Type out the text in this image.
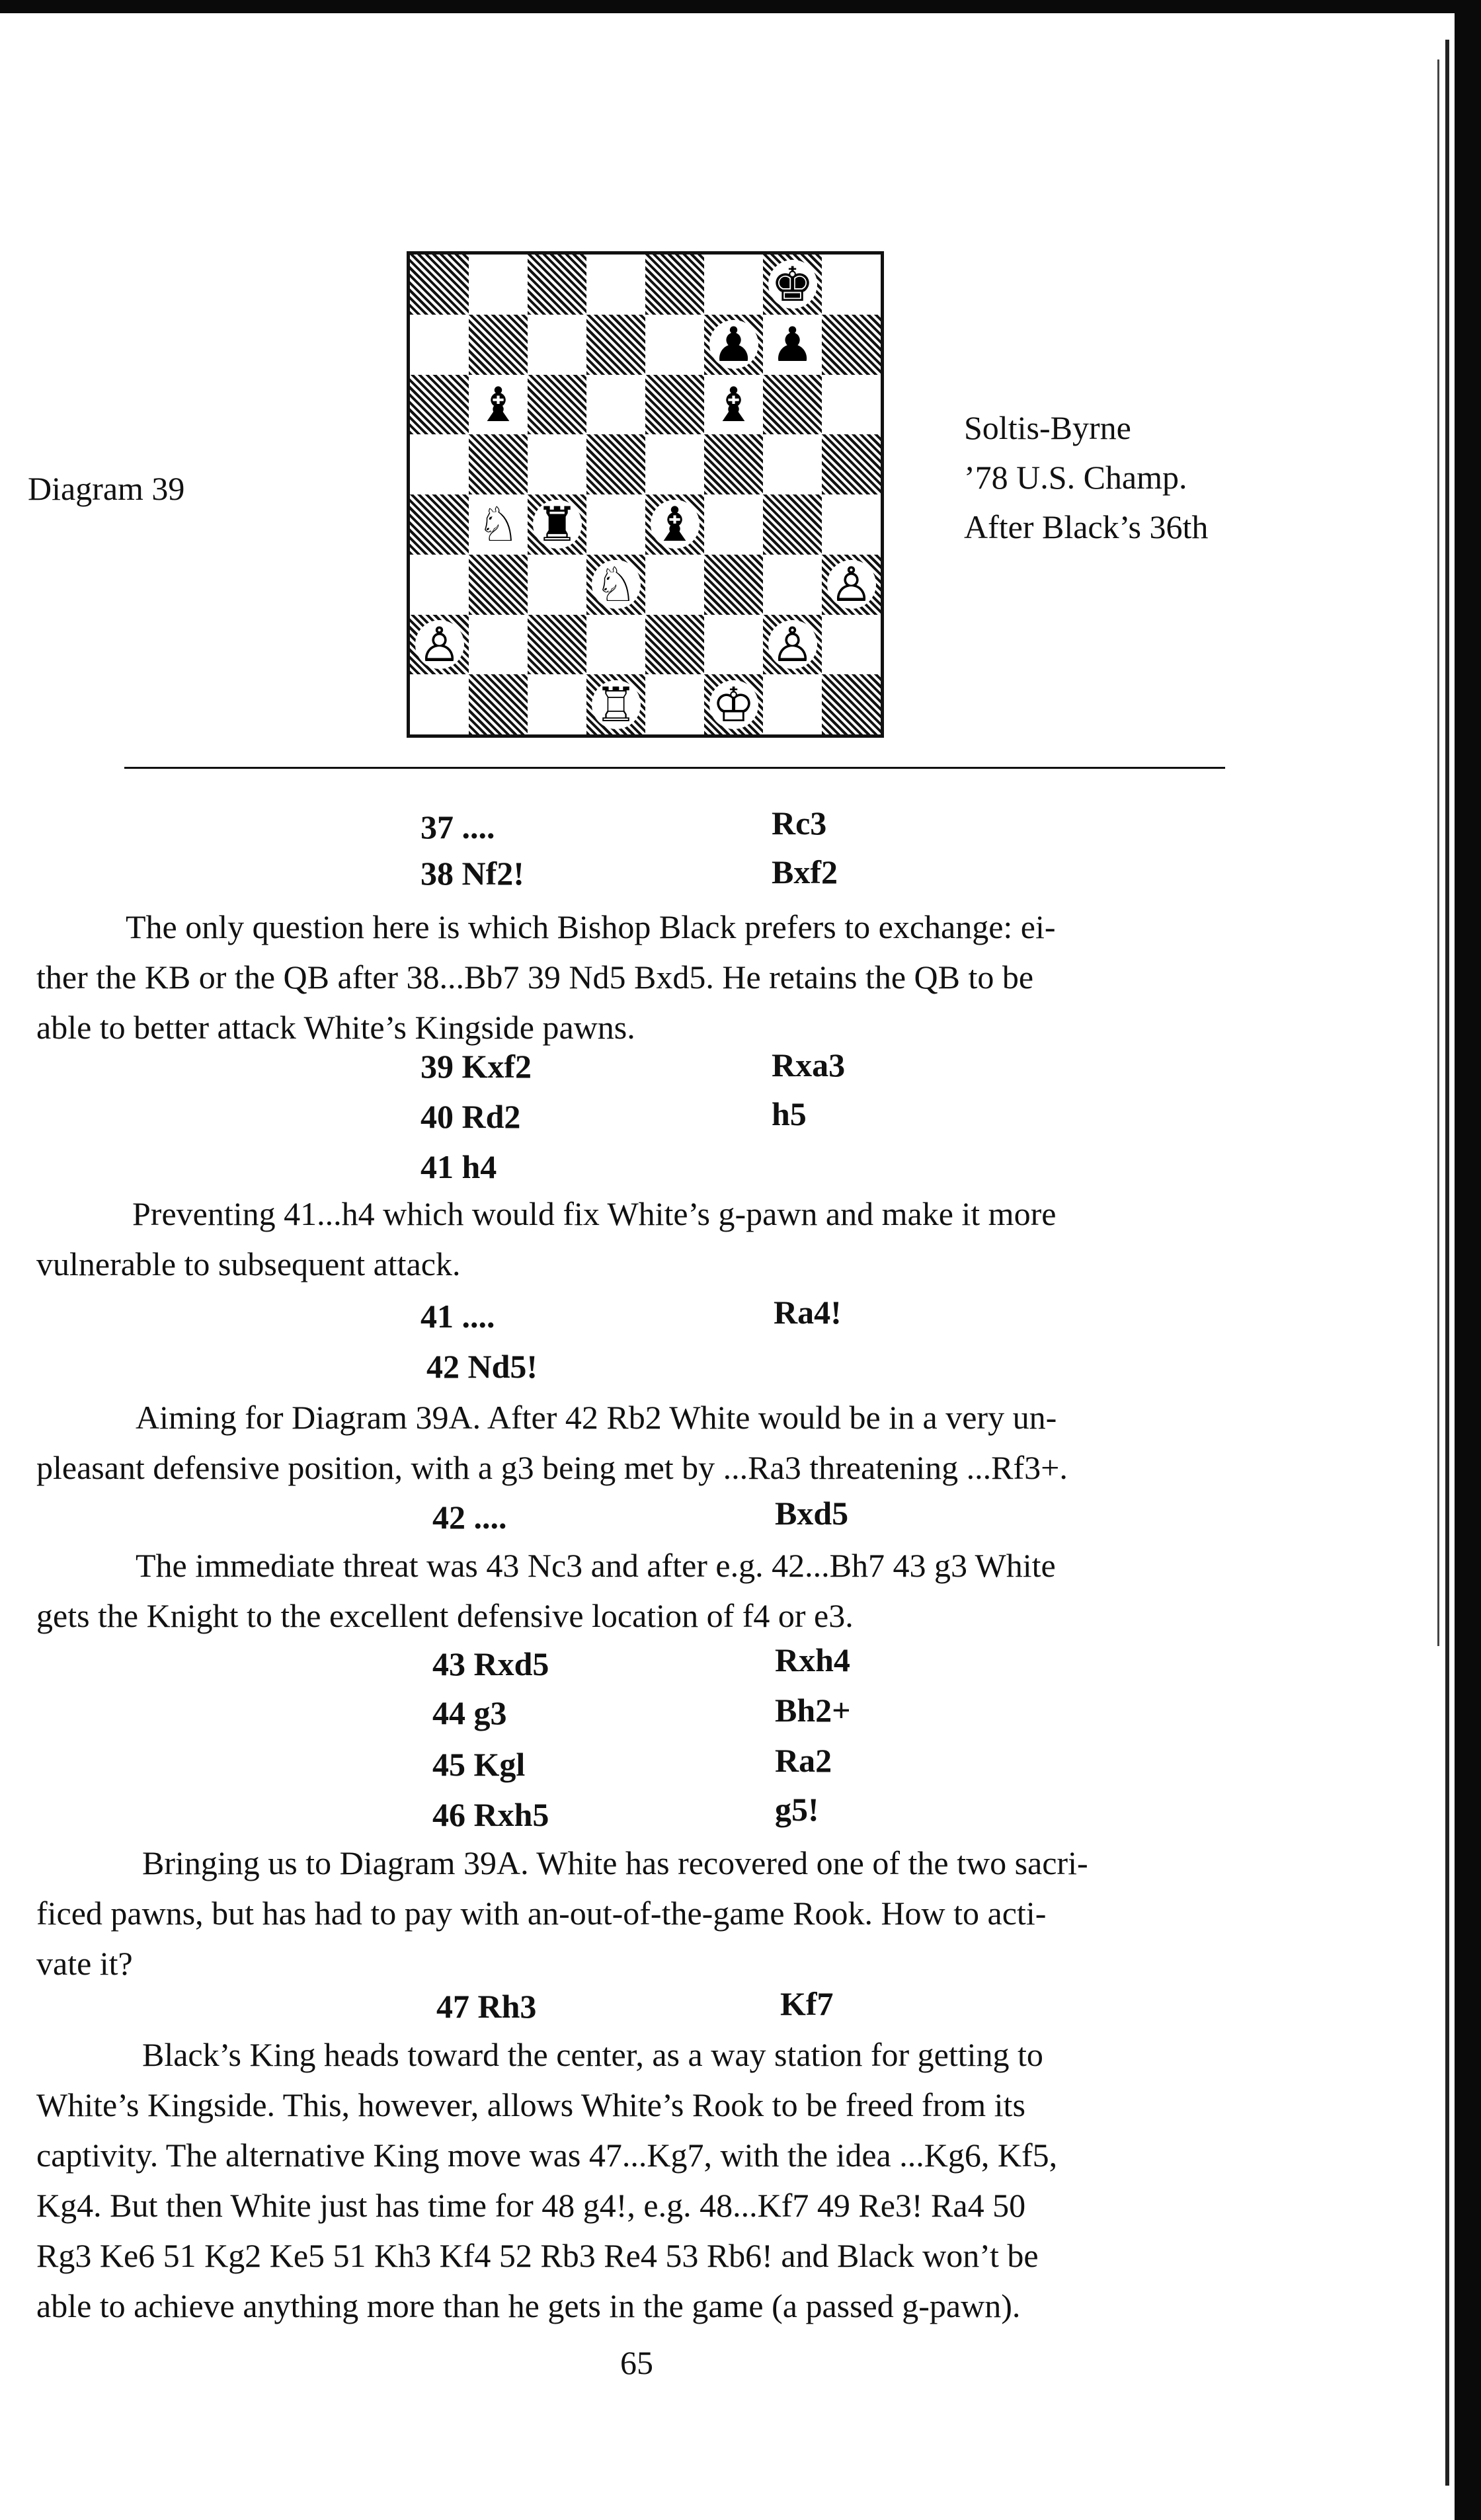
Diagram 39
♚
♟ ♟
♝	♝
♘ ♜ ♝
♘	♙
♙	♙
♖ ♔
Soltis-Byrne
’78 U.S. Champ.
After Black’s 36th
37 ....	Rc3
38 Nf2!	Bxf2
The only question here is which Bishop Black prefers to exchange: ei-
ther the KB or the QB after 38...Bb7 39 Nd5 Bxd5. He retains the QB to be
able to better attack White’s Kingside pawns.
39 Kxf2	Rxa3
40 Rd2	h5
41 h4
Preventing 41...h4 which would fix White’s g-pawn and make it more
vulnerable to subsequent attack.
41 ....	Ra4!
42 Nd5!
Aiming for Diagram 39A. After 42 Rb2 White would be in a very un-
pleasant defensive position, with a g3 being met by ...Ra3 threatening ...Rf3+.
42 ....	Bxd5
The immediate threat was 43 Nc3 and after e.g. 42...Bh7 43 g3 White
gets the Knight to the excellent defensive location of f4 or e3.
43 Rxd5	Rxh4
44 g3	Bh2+
45 Kgl	Ra2
46 Rxh5	g5!
Bringing us to Diagram 39A. White has recovered one of the two sacri-
ficed pawns, but has had to pay with an-out-of-the-game Rook. How to acti-
vate it?
47 Rh3	Kf7
Black’s King heads toward the center, as a way station for getting to
White’s Kingside. This, however, allows White’s Rook to be freed from its
captivity. The alternative King move was 47...Kg7, with the idea ...Kg6, Kf5,
Kg4. But then White just has time for 48 g4!, e.g. 48...Kf7 49 Re3! Ra4 50
Rg3 Ke6 51 Kg2 Ke5 51 Kh3 Kf4 52 Rb3 Re4 53 Rb6! and Black won’t be
able to achieve anything more than he gets in the game (a passed g-pawn).
65
